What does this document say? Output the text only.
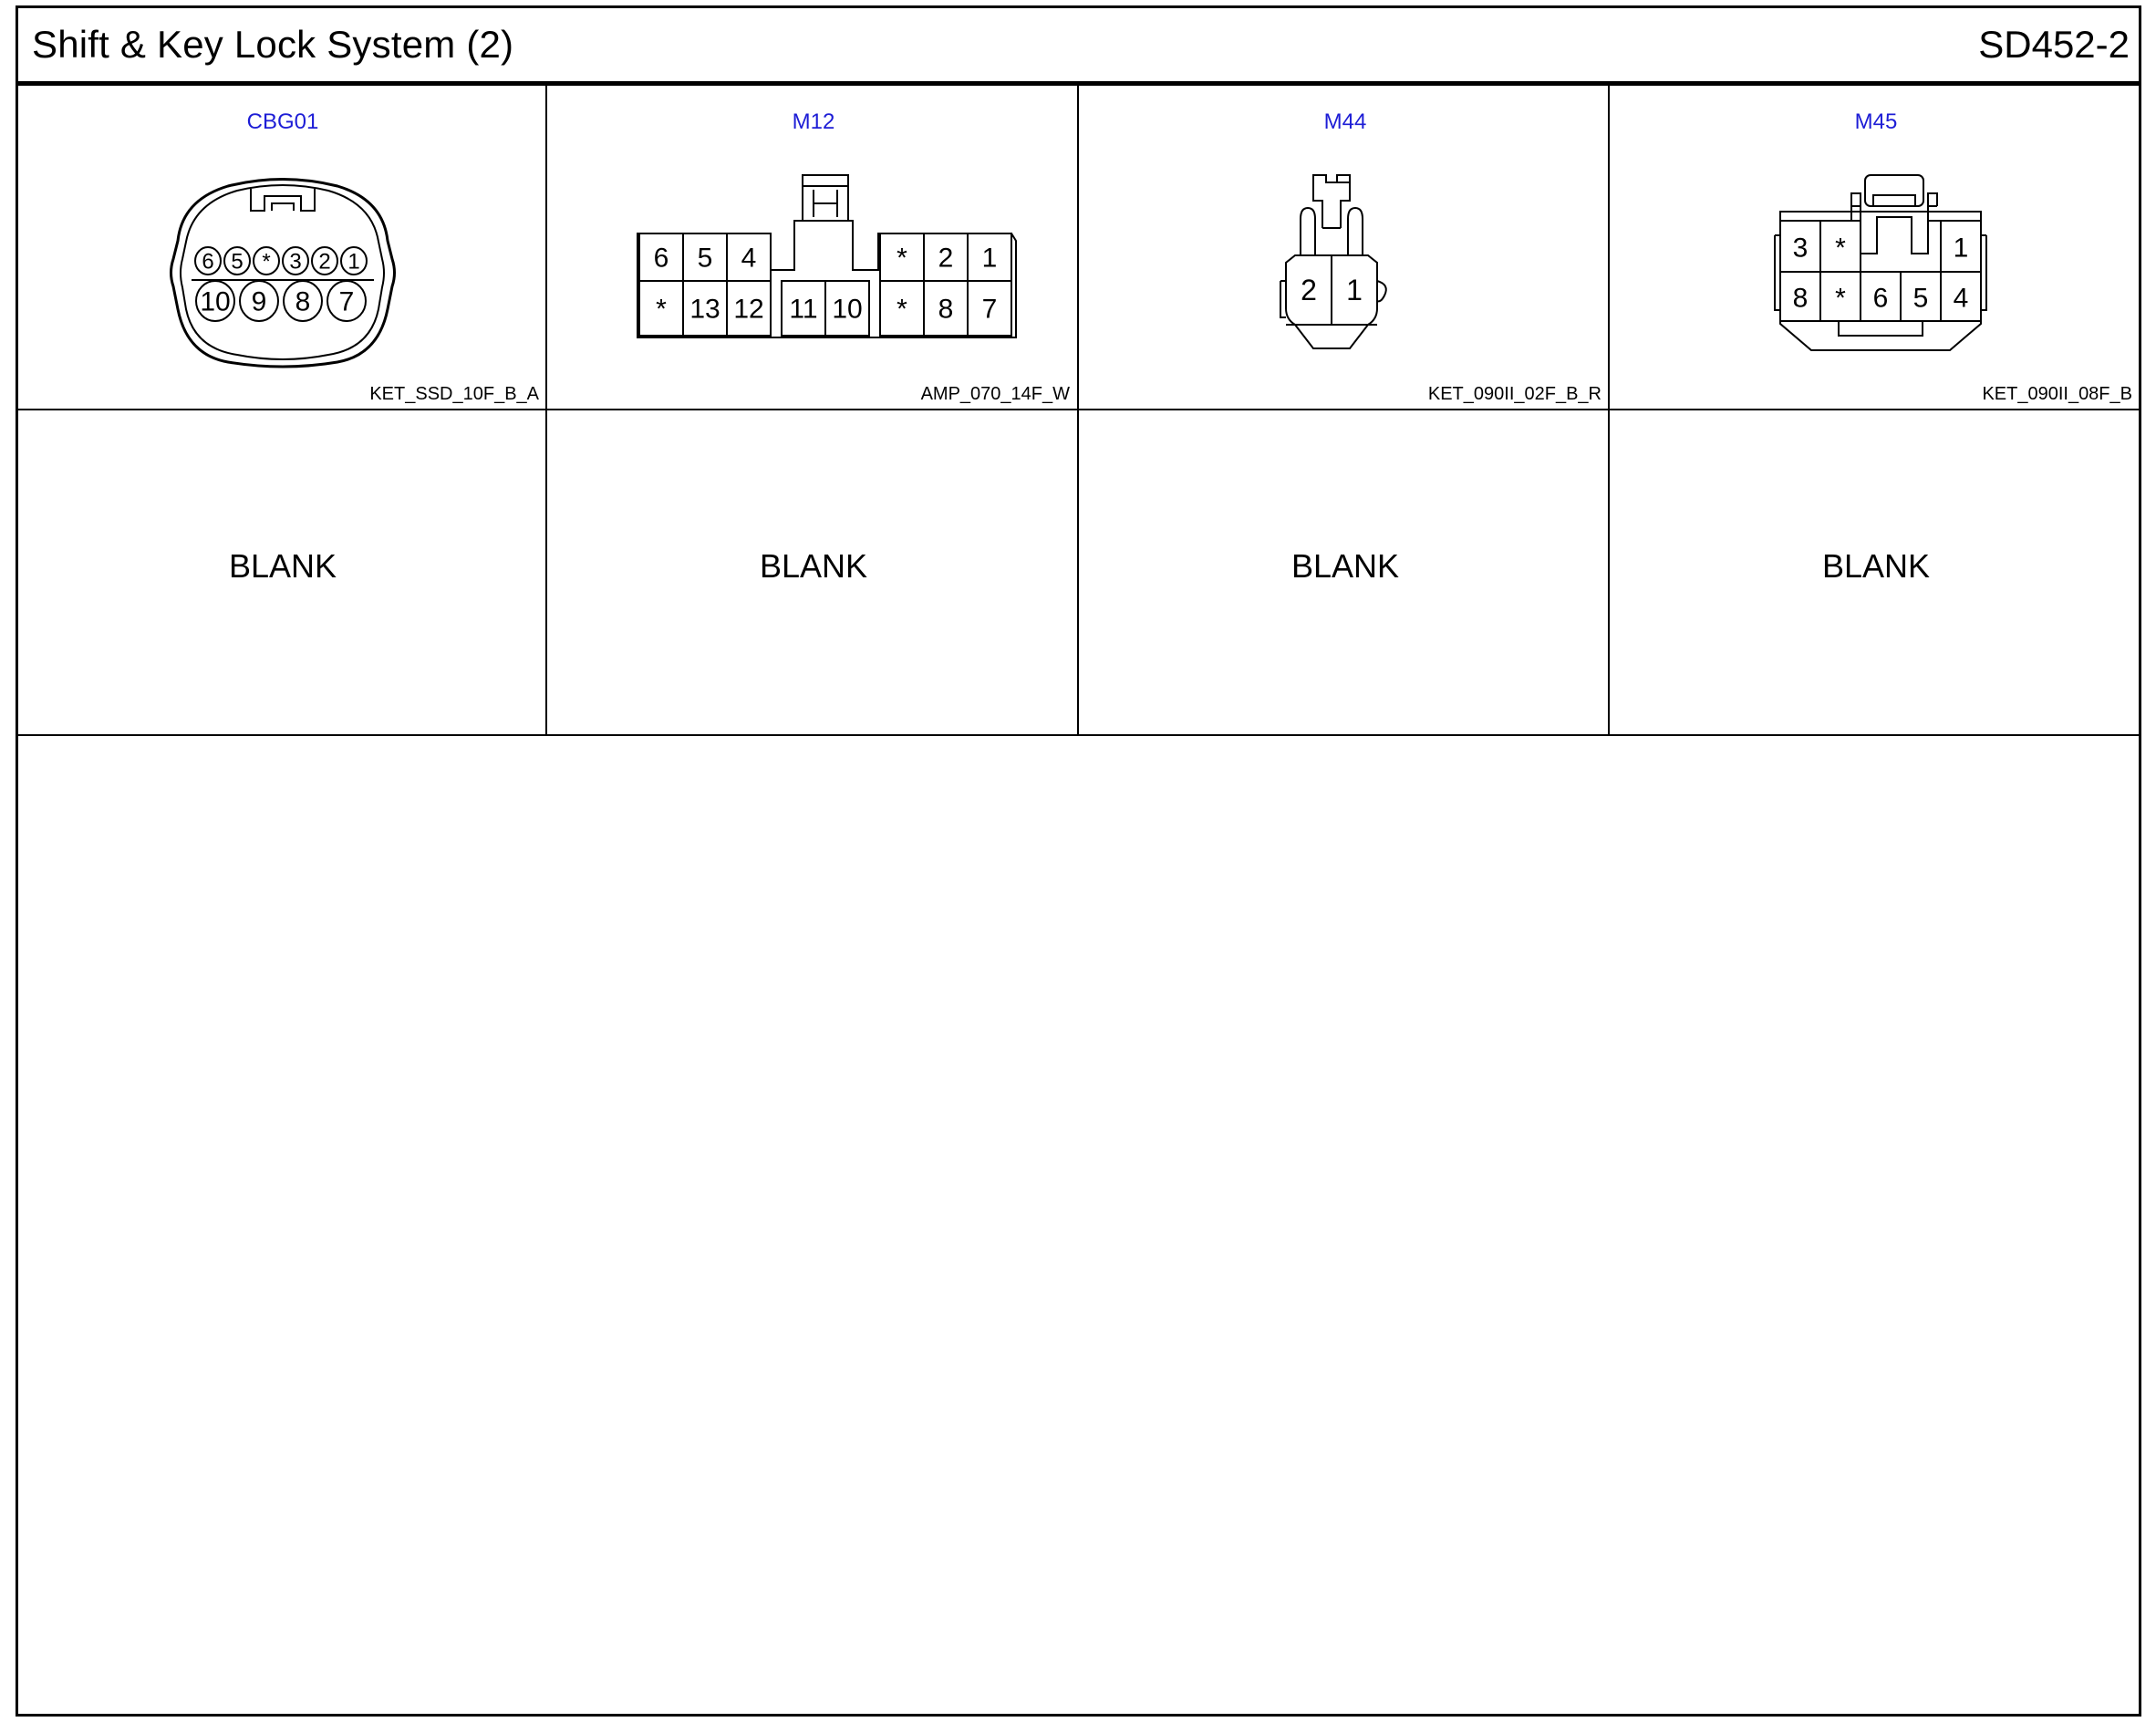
Shift & Key Lock System (2)	SD452-2
CBG01
6 5 * 3 2 1
10 9 8 7
KET_SSD_10F_B_A
M12
6 5 4	* 2 1
* 13 12 11 10 * 8 7
AMP_070_14F_W
M44
2 1
KET_090II_02F_B_R
M45
3 *	1
8 * 6 5 4
KET_090II_08F_B
BLANK	BLANK	BLANK	BLANK
